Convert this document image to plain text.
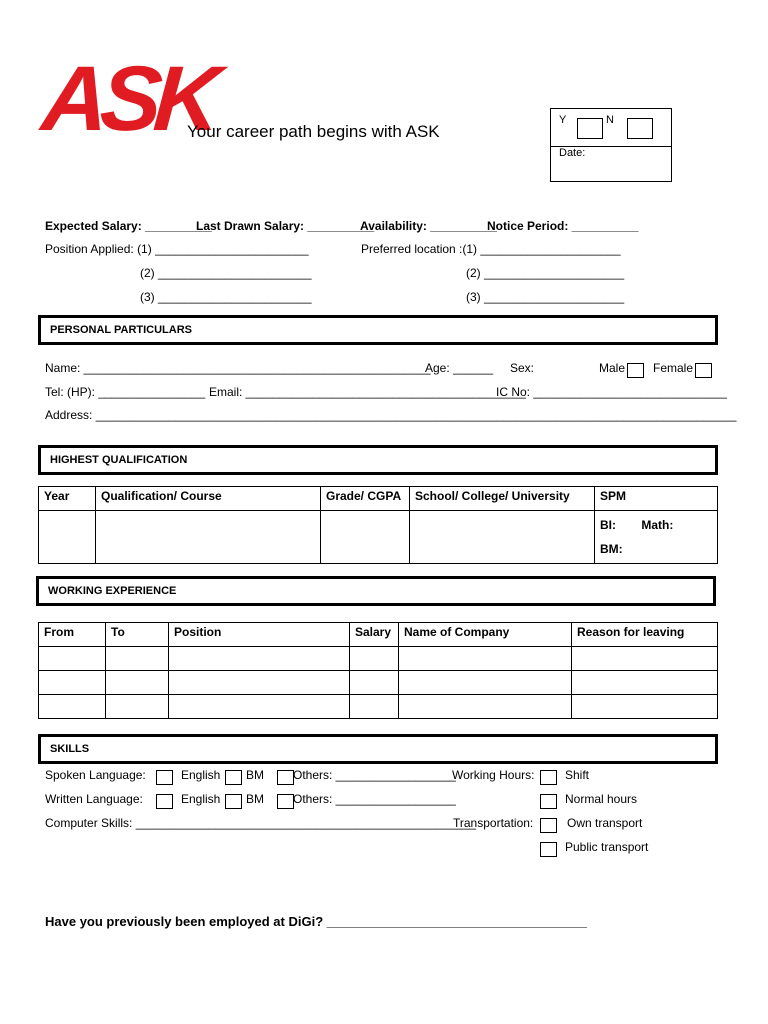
ASK
Your career path begins with ASK
Y	N
Date:
Expected Salary: __________
Last Drawn Salary: __________
Availability: __________
Notice Period: __________
Position Applied: (1) _______________________
(2) _______________________
(3) _______________________
Preferred location :(1) _____________________
(2) _____________________
(3) _____________________
PERSONAL PARTICULARS
Name: ____________________________________________________
Age: ______ Sex:	Male Female
Tel: (HP): ________________ Email: __________________________________________
IC No: _____________________________
Address: ________________________________________________________________________________________________
HIGHEST QUALIFICATION
Year	Qualification/ Course	Grade/ CGPA	School/ College/ University	SPM
				BI: Math:
BM:
WORKING EXPERIENCE
From	To	Position	Salary	Name of Company	Reason for leaving

SKILLS
Spoken Language:	English BM Others: __________________
Written Language:	English BM Others: __________________
Computer Skills: ___________________________________________________
Working Hours:	Shift
Normal hours
Transportation:	Own transport
Public transport
Have you previously been employed at DiGi? ____________________________________
